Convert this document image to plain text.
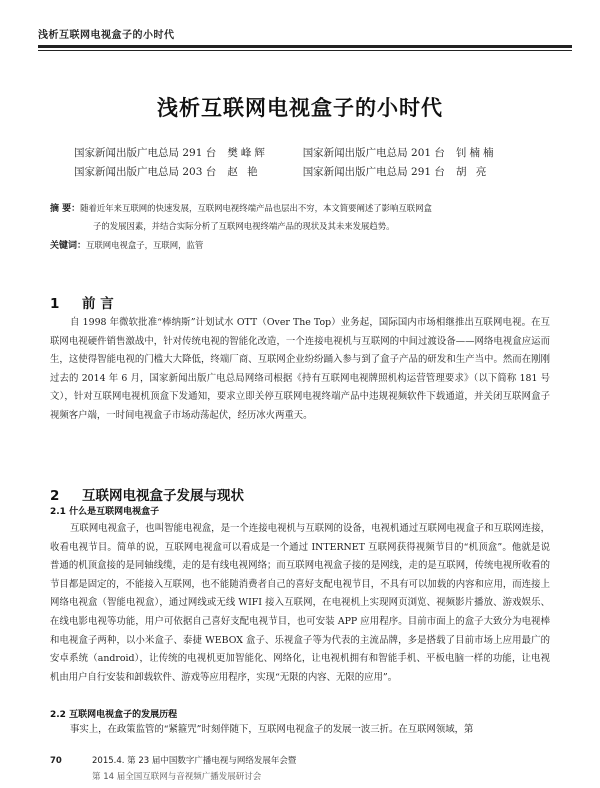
浅析互联网电视盒子的小时代
浅析互联网电视盒子的小时代
国家新闻出版广电总局 291 台 樊峰辉	国家新闻出版广电总局 201 台 钊楠楠
国家新闻出版广电总局 203 台 赵 艳	国家新闻出版广电总局 291 台 胡 亮
摘 要：随着近年来互联网的快速发展，互联网电视终端产品也层出不穷，本文简要阐述了影响互联网盒
子的发展因素，并结合实际分析了互联网电视终端产品的现状及其未来发展趋势。
关键词：互联网电视盒子，互联网，监管
1 前 言

自 1998 年微软批准“棒纳斯”计划试水 OTT（Over The Top）业务起，国际国内市场相继推出互联网电视。在互联网电视硬件销售激战中，针对传统电视的智能化改造，一个连接电视机与互联网的中间过渡设备——网络电视盒应运而生，这使得智能电视的门槛大大降低，终端厂商、互联网企业纷纷踊入参与到了盒子产品的研发和生产当中。然而在刚刚过去的 2014 年 6 月，国家新闻出版广电总局网络司根据《持有互联网电视牌照机构运营管理要求》（以下简称 181 号文），针对互联网电视机顶盒下发通知，要求立即关停互联网电视终端产品中违规视频软件下载通道，并关闭互联网盒子视频客户端，一时间电视盒子市场动荡起伏，经历冰火两重天。

2 互联网电视盒子发展与现状
2.1 什么是互联网电视盒子

互联网电视盒子，也叫智能电视盒，是一个连接电视机与互联网的设备，电视机通过互联网电视盒子和互联网连接，收看电视节目。简单的说，互联网电视盒可以看成是一个通过 INTERNET 互联网获得视频节目的“机顶盒”。他就是说普通的机顶盒接的是同轴线缆，走的是有线电视网络；而互联网电视盒子接的是网线，走的是互联网，传统电视所收看的节目都是固定的，不能接入互联网，也不能随消费者自己的喜好支配电视节目，不具有可以加载的内容和应用，而连接上网络电视盒（智能电视盒），通过网线或无线 WIFI 接入互联网，在电视机上实现网页浏览、视频影片播放、游戏娱乐、在线电影电视等功能，用户可依据自己喜好支配电视节目，也可安装 APP 应用程序。目前市面上的盒子大致分为电视棒和电视盒子两种，以小米盒子、泰捷 WEBOX 盒子、乐视盒子等为代表的主流品牌，多是搭载了目前市场上应用最广的安卓系统（android），让传统的电视机更加智能化、网络化，让电视机拥有和智能手机、平板电脑一样的功能，让电视机由用户自行安装和卸载软件、游戏等应用程序，实现“无限的内容、无限的应用”。

2.2 互联网电视盒子的发展历程

事实上，在政策监管的“紧箍咒”时刻伴随下，互联网电视盒子的发展一波三折。在互联网领域，第

70	2015.4. 第 23 届中国数字广播电视与网络发展年会暨
第 14 届全国互联网与音视频广播发展研讨会
